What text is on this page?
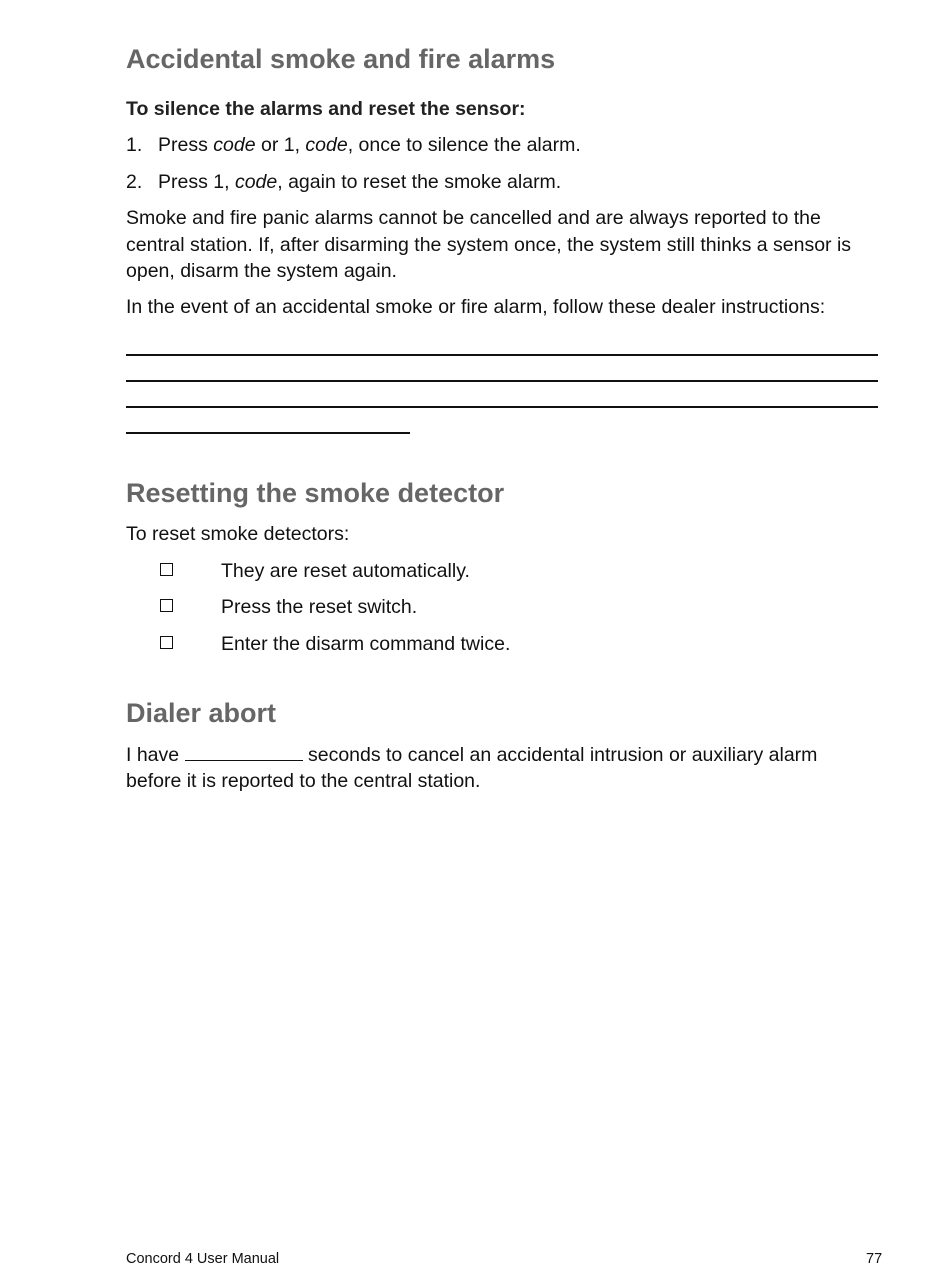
Accidental smoke and fire alarms
To silence the alarms and reset the sensor:
1. Press code or 1, code, once to silence the alarm.
2. Press 1, code, again to reset the smoke alarm.

Smoke and fire panic alarms cannot be cancelled and are always reported to the central station. If, after disarming the system once, the system still thinks a sensor is open, disarm the system again.

In the event of an accidental smoke or fire alarm, follow these dealer instructions:

Resetting the smoke detector

To reset smoke detectors:

They are reset automatically.
Press the reset switch.
Enter the disarm command twice.
Dialer abort

I have	seconds to cancel an accidental intrusion or auxiliary alarm

before it is reported to the central station.

Concord 4 User Manual	77
